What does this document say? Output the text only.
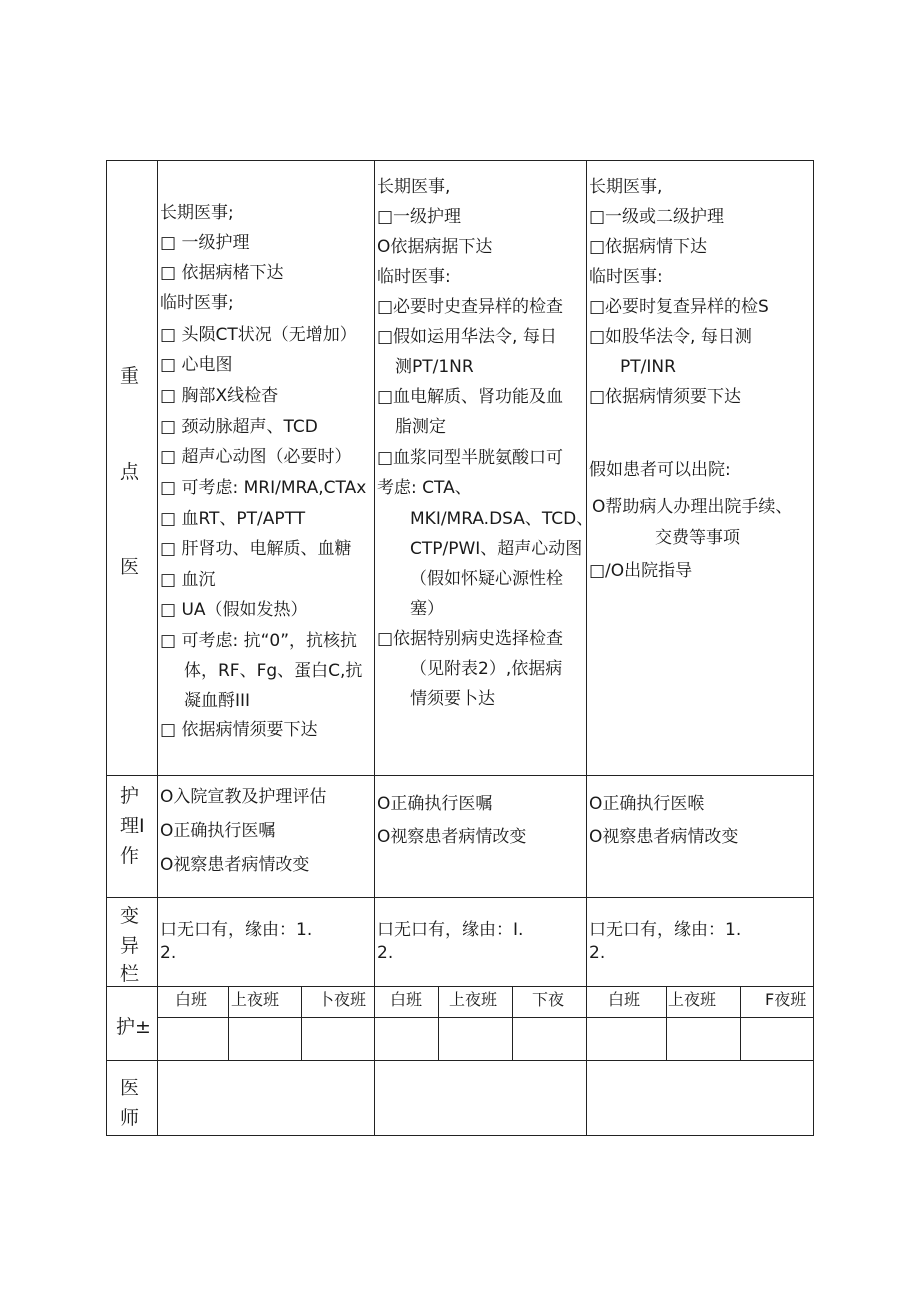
重
点
医
护
理I
作
变
异
栏
护±
医
师
长期医事;
□ 一级护理
□ 依据病楮下达
临时医事;
□ 头陨CT状况（无增加）
□ 心电图
□ 胸部X线检杳
□ 颈动脉超声、TCD
□ 超声心动图（必要时）
□ 可考虑: MRI/MRA,CTAx
□ 血RT、PT/APTT
□ 肝肾功、电解质、血糖
□ 血沉
□ UA（假如发热）
□ 可考虑: 抗“0”，抗核抗
体，RF、Fg、蛋白C,抗
凝血酹III
□ 依据病情须要下达
长期医事,
□一级护理
O依据病据下达
临时医事:
□必要时史查异样的检查
□假如运用华法令, 每日
测PT/1NR
□血电解质、肾功能及血
脂测定
□血浆同型半胱氨酸口可
考虑: CTA、
MKI/MRA.DSA、TCD、
CTP/PWI、超声心动图
（假如怀疑心源性栓
塞）
□依据特别病史选择检查
（见附表2）,依据病
情须要卜达
长期医事,
□一级或二级护理
□依据病情下达
临时医事:
□必要时复查异样的检S
□如股华法令, 每日测
PT/INR
□依据病情须要下达
假如患者可以出院:
O帮助病人办理出院手续、
交费等事项
□/O出院指导
O入院宣教及护理评估
O正确执行医嘱
O视察患者病情改变
O正确执行医嘱
O视察患者病情改变
O正确执行医喉
O视察患者病情改变
口无口有，缘由：1.
2.
口无口有，缘由：I.
2.
口无口有，缘由：1.
2.
白班 上夜班 卜夜班 白班 上夜班 下夜	白班 上夜班	F夜班
